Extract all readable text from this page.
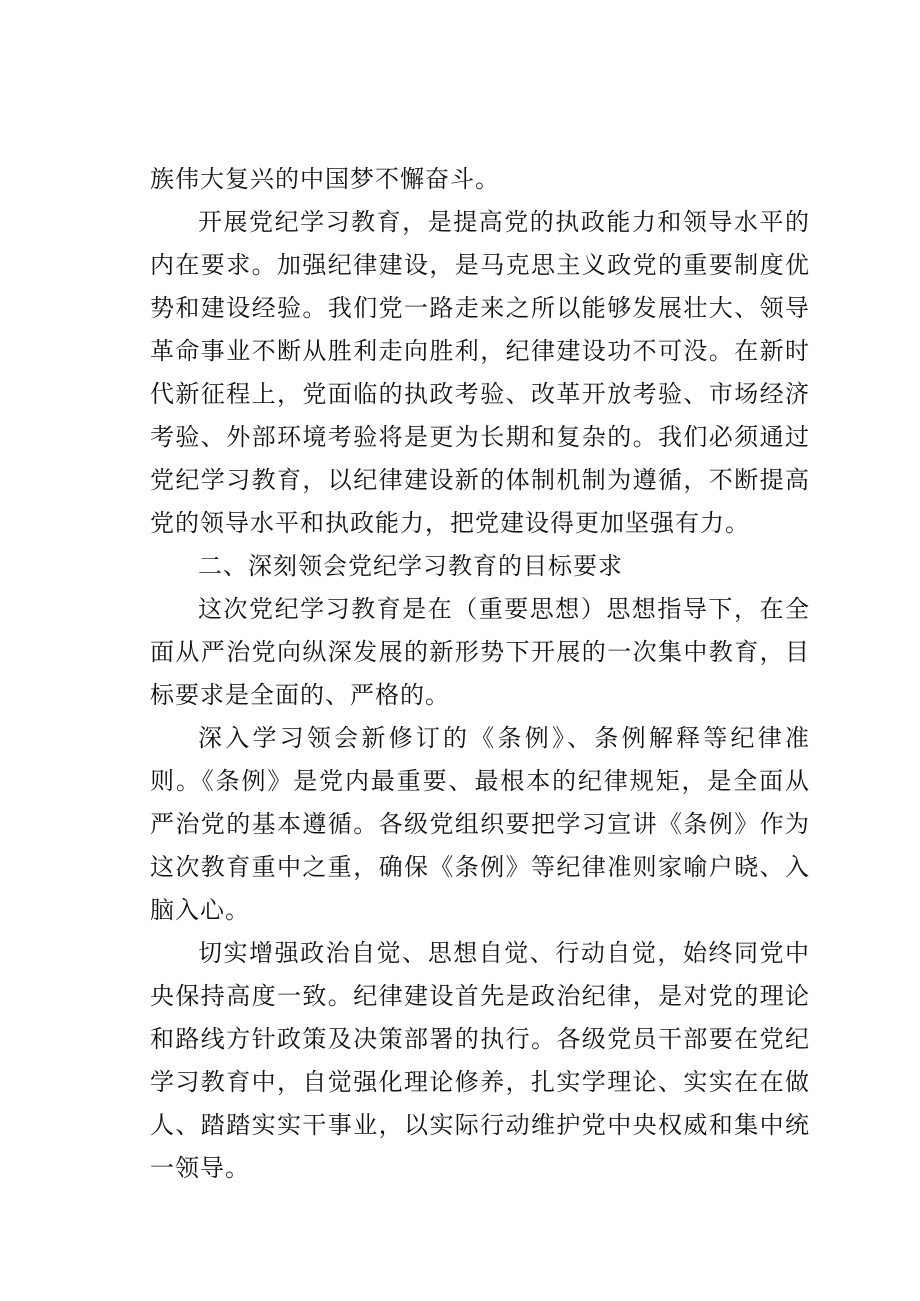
族伟大复兴的中国梦不懈奋斗。

开展党纪学习教育，是提高党的执政能力和领导水平的内在要求。加强纪律建设，是马克思主义政党的重要制度优势和建设经验。我们党一路走来之所以能够发展壮大、领导革命事业不断从胜利走向胜利，纪律建设功不可没。在新时代新征程上，党面临的执政考验、改革开放考验、市场经济考验、外部环境考验将是更为长期和复杂的。我们必须通过党纪学习教育，以纪律建设新的体制机制为遵循，不断提高党的领导水平和执政能力，把党建设得更加坚强有力。

二、深刻领会党纪学习教育的目标要求

这次党纪学习教育是在（重要思想）思想指导下，在全面从严治党向纵深发展的新形势下开展的一次集中教育，目标要求是全面的、严格的。

深入学习领会新修订的《条例》、条例解释等纪律准则。《条例》是党内最重要、最根本的纪律规矩，是全面从严治党的基本遵循。各级党组织要把学习宣讲《条例》作为这次教育重中之重，确保《条例》等纪律准则家喻户晓、入脑入心。

切实增强政治自觉、思想自觉、行动自觉，始终同党中央保持高度一致。纪律建设首先是政治纪律，是对党的理论和路线方针政策及决策部署的执行。各级党员干部要在党纪学习教育中，自觉强化理论修养，扎实学理论、实实在在做人、踏踏实实干事业，以实际行动维护党中央权威和集中统一领导。
